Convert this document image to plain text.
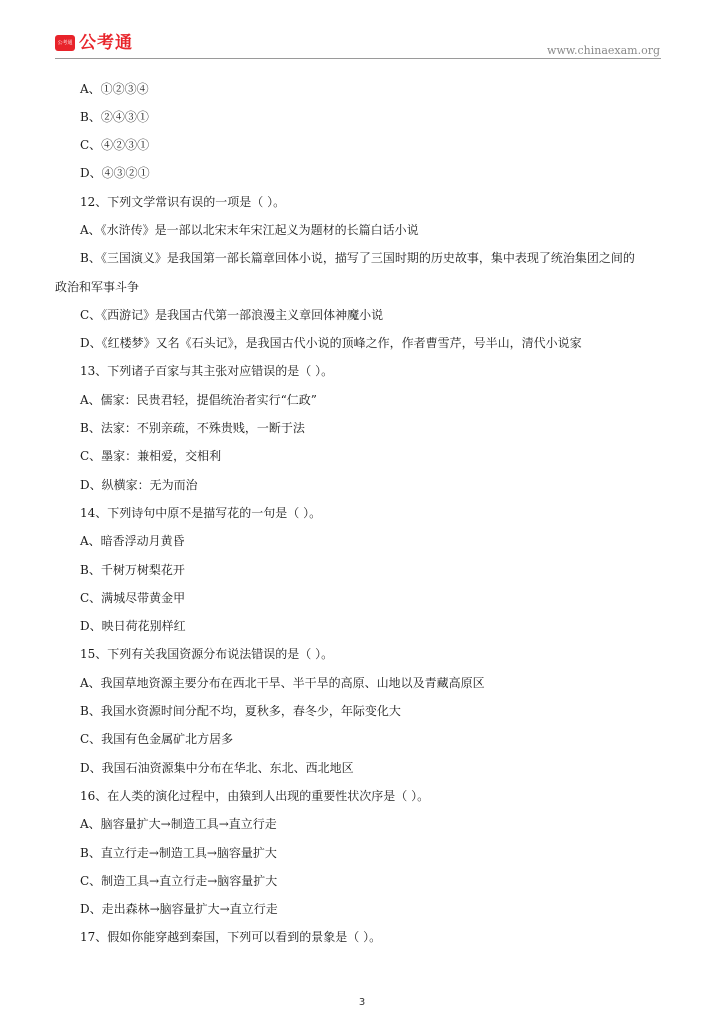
公考通 公考通	www.chinaexam.org
A、①②③④
B、②④③①
C、④②③①
D、④③②①
12、下列文学常识有误的一项是（ ）。
A、《水浒传》是一部以北宋末年宋江起义为题材的长篇白话小说
B、《三国演义》是我国第一部长篇章回体小说，描写了三国时期的历史故事，集中表现了统治集团之间的
政治和军事斗争
C、《西游记》是我国古代第一部浪漫主义章回体神魔小说
D、《红楼梦》又名《石头记》，是我国古代小说的顶峰之作，作者曹雪芹，号半山，清代小说家
13、下列诸子百家与其主张对应错误的是（ ）。
A、儒家：民贵君轻，提倡统治者实行“仁政”
B、法家：不别亲疏，不殊贵贱，一断于法
C、墨家：兼相爱，交相利
D、纵横家：无为而治
14、下列诗句中原不是描写花的一句是（ ）。
A、暗香浮动月黄昏
B、千树万树梨花开
C、满城尽带黄金甲
D、映日荷花别样红
15、下列有关我国资源分布说法错误的是（ ）。
A、我国草地资源主要分布在西北干旱、半干旱的高原、山地以及青藏高原区
B、我国水资源时间分配不均，夏秋多，春冬少，年际变化大
C、我国有色金属矿北方居多
D、我国石油资源集中分布在华北、东北、西北地区
16、在人类的演化过程中，由猿到人出现的重要性状次序是（ ）。
A、脑容量扩大→制造工具→直立行走
B、直立行走→制造工具→脑容量扩大
C、制造工具→直立行走→脑容量扩大
D、走出森林→脑容量扩大→直立行走
17、假如你能穿越到秦国，下列可以看到的景象是（ ）。
3
